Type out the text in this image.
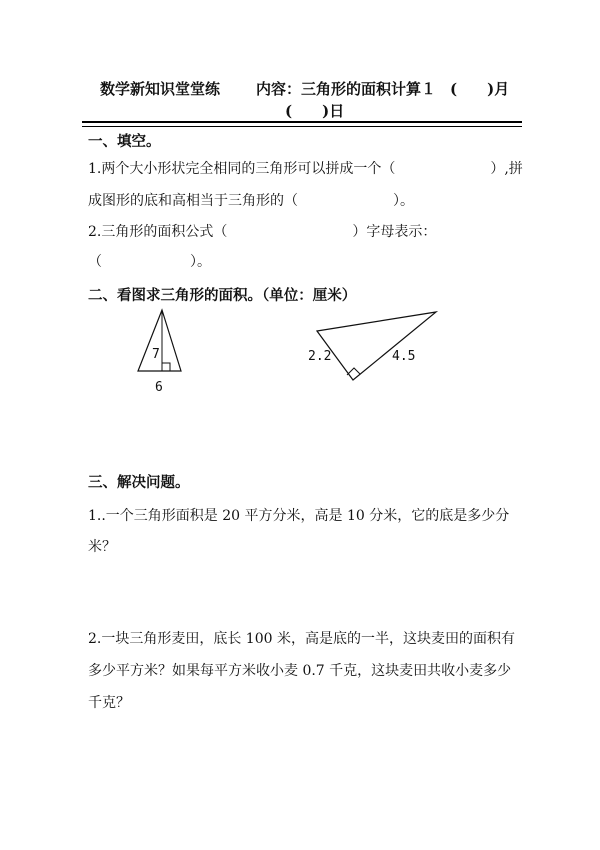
数学新知识堂堂练 内容：三角形的面积计算１ (　　)月
(　　)日
一、填空。
1.两个大小形状完全相同的三角形可以拼成一个（	）,拼
成图形的底和高相当于三角形的（	）。
2.三角形的面积公式（	）字母表示：
（	）。
二、看图求三角形的面积。（单位：厘米）
7
6
2.2	4.5
三、解决问题。
1..一个三角形面积是 20 平方分米，高是 10 分米，它的底是多少分
米？
2.一块三角形麦田，底长 100 米，高是底的一半，这块麦田的面积有
多少平方米？如果每平方米收小麦 0.7 千克，这块麦田共收小麦多少
千克？
